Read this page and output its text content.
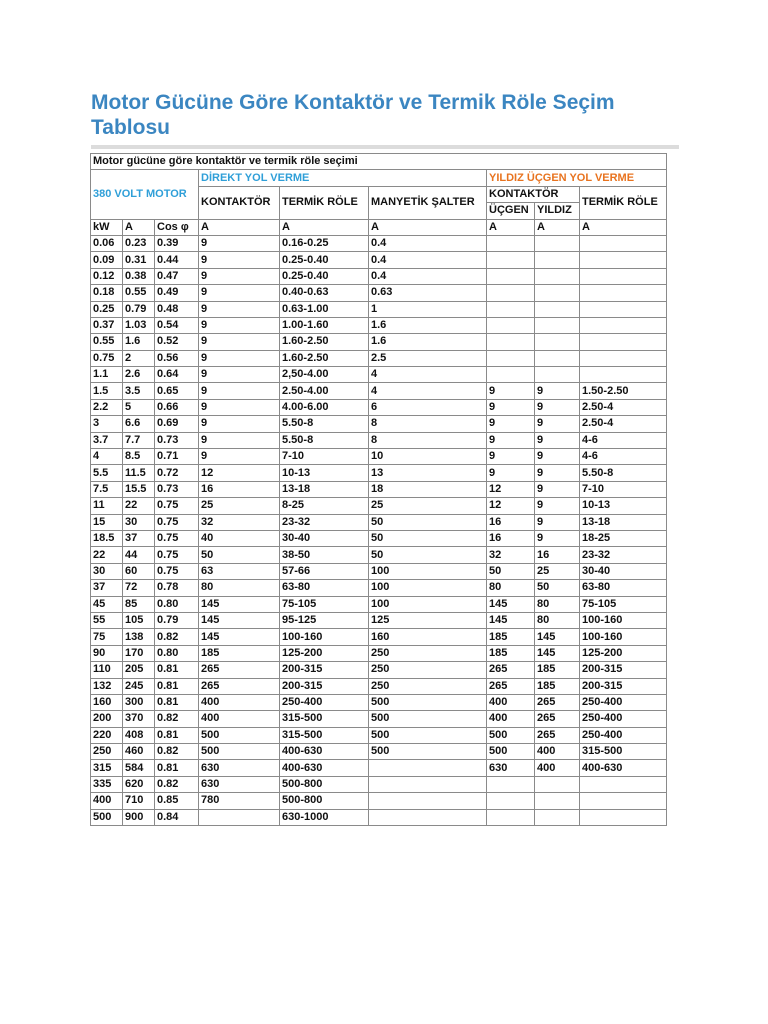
Motor Gücüne Göre Kontaktör ve Termik Röle Seçim Tablosu
Motor gücüne göre kontaktör ve termik röle seçimi								
380 VOLT MOTOR			DİREKT YOL VERME			YILDIZ ÜÇGEN YOL VERME		
			KONTAKTÖR	TERMİK RÖLE	MANYETİK ŞALTER	KONTAKTÖR		TERMİK RÖLE
						ÜÇGEN	YILDIZ	
kW	A	Cos φ	A	A	A	A	A	A
0.06	0.23	0.39	9	0.16-0.25	0.4			
0.09	0.31	0.44	9	0.25-0.40	0.4			
0.12	0.38	0.47	9	0.25-0.40	0.4			
0.18	0.55	0.49	9	0.40-0.63	0.63			
0.25	0.79	0.48	9	0.63-1.00	1			
0.37	1.03	0.54	9	1.00-1.60	1.6			
0.55	1.6	0.52	9	1.60-2.50	1.6			
0.75	2	0.56	9	1.60-2.50	2.5			
1.1	2.6	0.64	9	2,50-4.00	4			
1.5	3.5	0.65	9	2.50-4.00	4	9	9	1.50-2.50
2.2	5	0.66	9	4.00-6.00	6	9	9	2.50-4
3	6.6	0.69	9	5.50-8	8	9	9	2.50-4
3.7	7.7	0.73	9	5.50-8	8	9	9	4-6
4	8.5	0.71	9	7-10	10	9	9	4-6
5.5	11.5	0.72	12	10-13	13	9	9	5.50-8
7.5	15.5	0.73	16	13-18	18	12	9	7-10
11	22	0.75	25	8-25	25	12	9	10-13
15	30	0.75	32	23-32	50	16	9	13-18
18.5	37	0.75	40	30-40	50	16	9	18-25
22	44	0.75	50	38-50	50	32	16	23-32
30	60	0.75	63	57-66	100	50	25	30-40
37	72	0.78	80	63-80	100	80	50	63-80
45	85	0.80	145	75-105	100	145	80	75-105
55	105	0.79	145	95-125	125	145	80	100-160
75	138	0.82	145	100-160	160	185	145	100-160
90	170	0.80	185	125-200	250	185	145	125-200
110	205	0.81	265	200-315	250	265	185	200-315
132	245	0.81	265	200-315	250	265	185	200-315
160	300	0.81	400	250-400	500	400	265	250-400
200	370	0.82	400	315-500	500	400	265	250-400
220	408	0.81	500	315-500	500	500	265	250-400
250	460	0.82	500	400-630	500	500	400	315-500
315	584	0.81	630	400-630		630	400	400-630
335	620	0.82	630	500-800				
400	710	0.85	780	500-800				
500	900	0.84		630-1000				
